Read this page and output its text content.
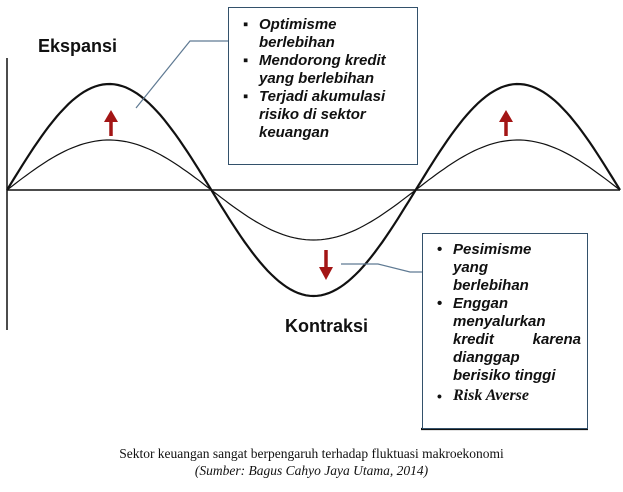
Ekspansi
Kontraksi
▪ Optimisme
berlebihan
▪ Mendorong kredit
yang berlebihan
▪ Terjadi akumulasi
risiko di sektor
keuangan
• Pesimisme
yang
berlebihan
• Enggan
menyalurkan
kredit	karena
dianggap
berisiko tinggi
• Risk Averse
Sektor keuangan sangat berpengaruh terhadap fluktuasi makroekonomi
(Sumber: Bagus Cahyo Jaya Utama, 2014)
